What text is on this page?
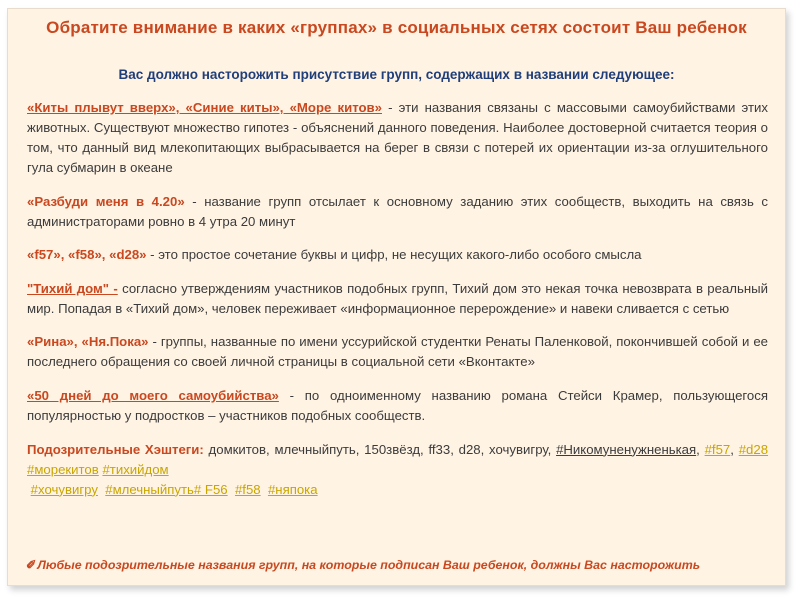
Обратите внимание в каких «группах» в социальных сетях состоит Ваш ребенок
Вас должно насторожить присутствие групп, содержащих в названии следующее:

«Киты плывут вверх», «Синие киты», «Море китов» - эти названия связаны с массовыми самоубийствами этих животных. Существуют множество гипотез - объяснений данного поведения. Наиболее достоверной считается теория о том, что данный вид млекопитающих выбрасывается на берег в связи с потерей их ориентации из-за оглушительного гула субмарин в океане

«Разбуди меня в 4.20» - название групп отсылает к основному заданию этих сообществ, выходить на связь с администраторами ровно в 4 утра 20 минут

«f57», «f58», «d28» - это простое сочетание буквы и цифр, не несущих какого-либо особого смысла

"Тихий дом" - согласно утверждениям участников подобных групп, Тихий дом это некая точка невозврата в реальный мир. Попадая в «Тихий дом», человек переживает «информационное перерождение» и навеки сливается с сетью

«Рина», «Ня.Пока» - группы, названные по имени уссурийской студентки Ренаты Паленковой, покончившей собой и ее последнего обращения со своей личной страницы в социальной сети «Вконтакте»

«50 дней до моего самоубийства» - по одноименному названию романа Стейси Крамер, пользующегося популярностью у подростков – участников подобных сообществ.

Подозрительные Хэштеги: домкитов, млечныйпуть, 150звёзд, ff33, d28, хочувигру, #Никомуненужненькая, #f57, #d28 #морекитов #тихийдом

#хочувигру #млечныйпуть# F56 #f58 #няпока

✐Любые подозрительные названия групп, на которые подписан Ваш ребенок, должны Вас насторожить
